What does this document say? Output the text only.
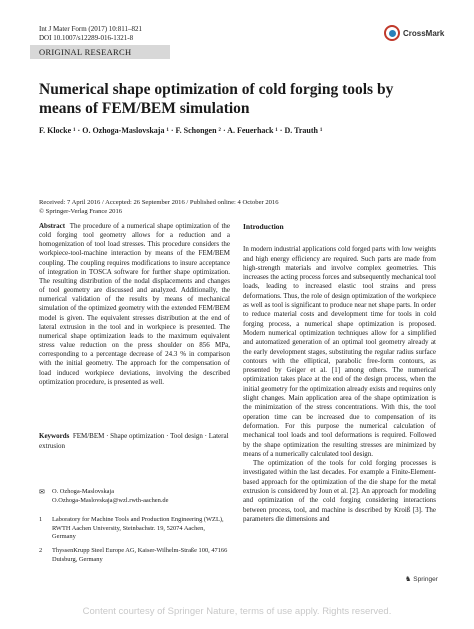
Int J Mater Form (2017) 10:811–821
DOI 10.1007/s12289-016-1321-8
CrossMark
ORIGINAL RESEARCH
Numerical shape optimization of cold forging tools by means of FEM/BEM simulation
F. Klocke ¹ · O. Ozhoga-Maslovskaja ¹ · F. Schongen ² · A. Feuerhack ¹ · D. Trauth ¹
Received: 7 April 2016 / Accepted: 26 September 2016 / Published online: 4 October 2016
© Springer-Verlag France 2016

Abstract The procedure of a numerical shape optimization of the cold forging tool geometry allows for a reduction and a homogenization of tool load stresses. This procedure considers the workpiece-tool-machine interaction by means of the FEM/BEM coupling. The coupling requires modifications to insure acceptance of integration in TOSCA software for further shape optimization. The resulting distribution of the nodal displacements and changes of tool geometry are discussed and analyzed. Additionally, the numerical validation of the results by means of mechanical simulation of the optimized geometry with the extended FEM/BEM model is given. The equivalent stresses distribution at the end of lateral extrusion in the tool and in workpiece is presented. The numerical shape optimization leads to the maximum equivalent stress value reduction on the press shoulder on 856 MPa, corresponding to a percentage decrease of 24.3 % in comparison with the initial geometry. The approach for the compensation of load induced workpiece deviations, involving the described optimization procedure, is presented as well.

Keywords FEM/BEM · Shape optimization · Tool design · Lateral extrusion
✉	O. Ozhoga-Maslovskaja
O.Ozhoga-Maslovskaja@wzl.rwth-aachen.de
1	Laboratory for Machine Tools and Production Engineering (WZL), RWTH Aachen University, Steinbachstr. 19, 52074 Aachen, Germany
2	ThyssenKrupp Steel Europe AG, Kaiser-Wilhelm-Straße 100, 47166 Duisburg, Germany
Introduction

In modern industrial applications cold forged parts with low weights and high energy efficiency are required. Such parts are made from high-strength materials and involve complex geometries. This increases the acting process forces and subsequently mechanical tool loads, leading to increased elastic tool strains and press deformations. Thus, the role of design optimization of the workpiece as well as tool is significant to produce near net shape parts. In order to reduce material costs and development time for tools in cold forging process, a numerical shape optimization is proposed. Modern numerical optimization techniques allow for a simplified and automatized generation of an optimal tool geometry already at the early development stages, substituting the regular radius surface contours with the elliptical, parabolic free-form contours, as presented by Geiger et al. [1] among others. The numerical optimization takes place at the end of the design process, when the initial geometry for the optimization already exists and requires only slight changes. Main application area of the shape optimization is the minimization of the stress concentrations. With this, the tool operation time can be increased due to compensation of its deformation. For this purpose the numerical calculation of mechanical tool loads and tool deformations is required. Followed by the shape optimization the resulting stresses are minimized by means of a numerically calculated tool design.

The optimization of the tools for cold forging processes is investigated within the last decades. For example a Finite-Element-based approach for the optimization of the die shape for the metal extrusion is considered by Joun et al. [2]. An approach for modeling and optimization of the cold forging considering interactions between process, tool, and machine is described by Kroiß [3]. The parameters die dimensions and

♞ Springer
Content courtesy of Springer Nature, terms of use apply. Rights reserved.
